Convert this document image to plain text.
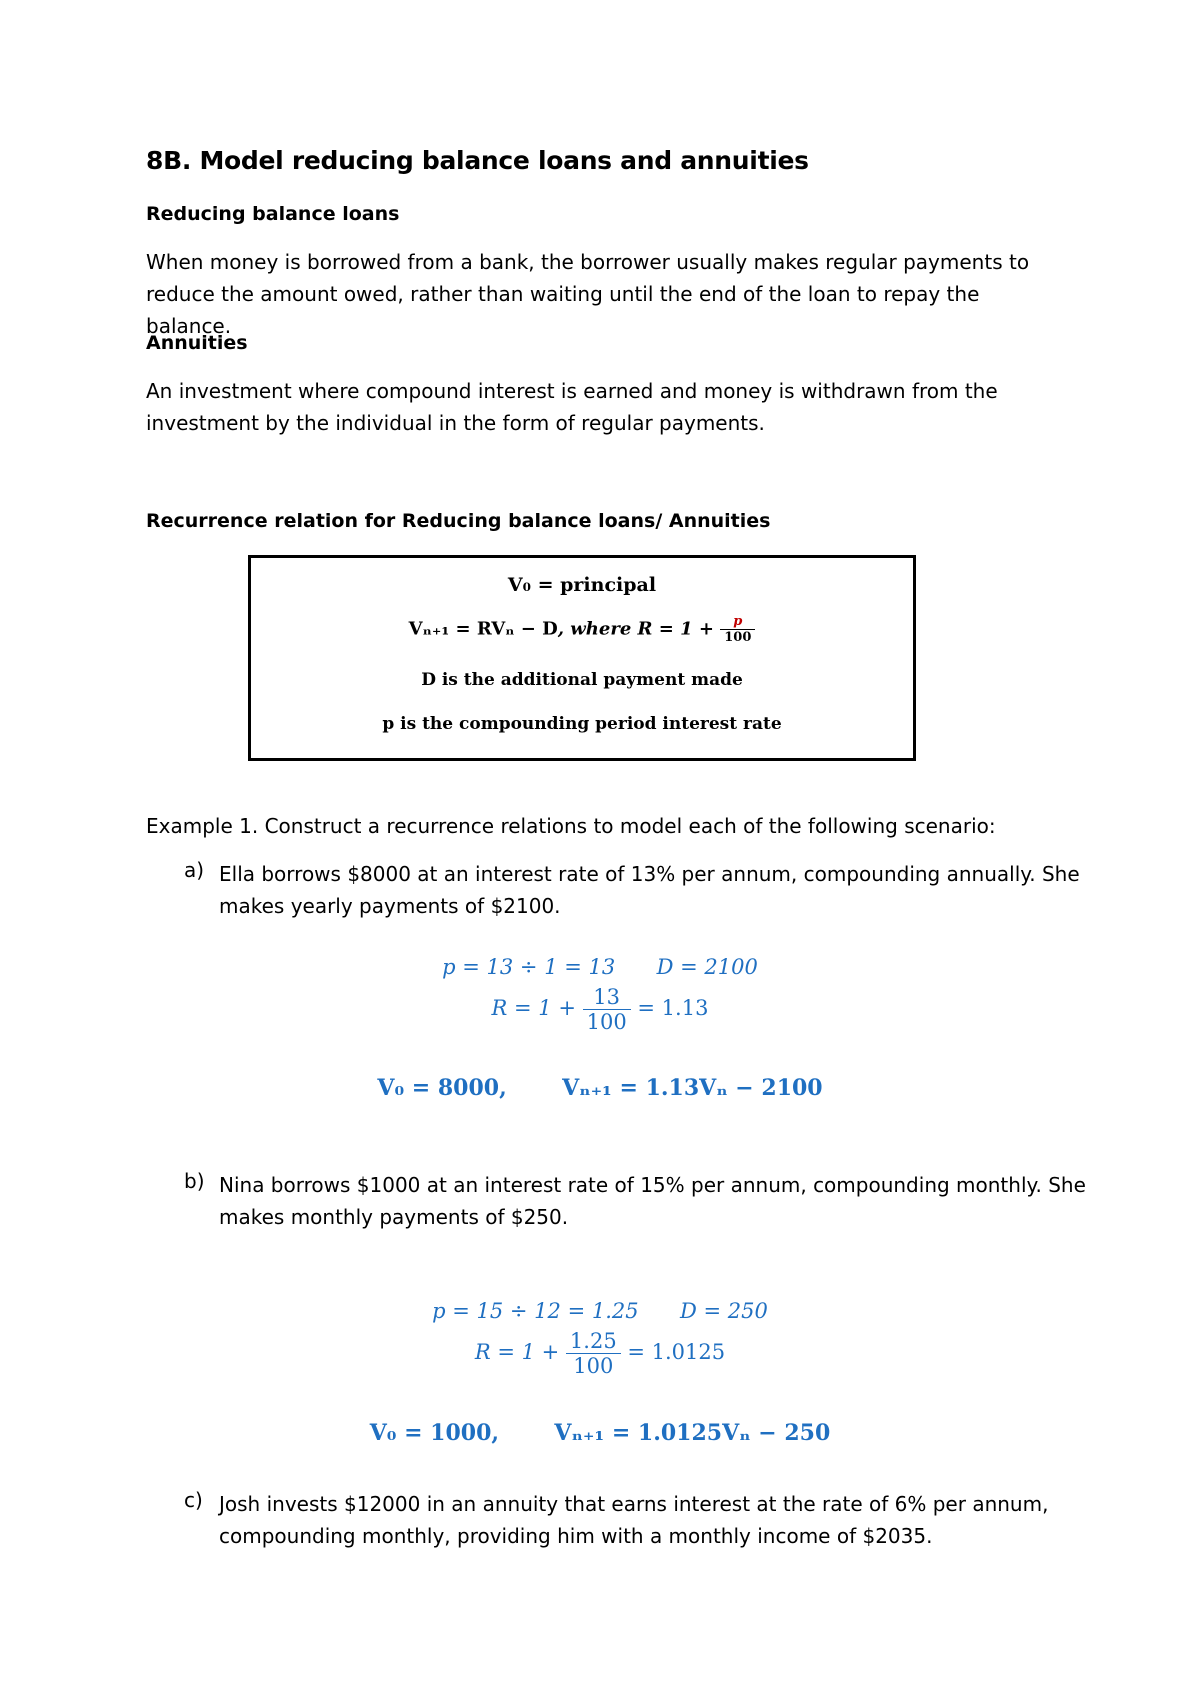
8B. Model reducing balance loans and annuities
Reducing balance loans
When money is borrowed from a bank, the borrower usually makes regular payments to reduce the amount owed, rather than waiting until the end of the loan to repay the balance.
Annuities
An investment where compound interest is earned and money is withdrawn from the investment by the individual in the form of regular payments.
Recurrence relation for Reducing balance loans/ Annuities
V₀ = principal
Vₙ₊₁ = RVₙ − D, where $R = 1 + \frac{p}{100}$
D is the additional payment made
p is the compounding period interest rate
Example 1. Construct a recurrence relations to model each of the following scenario:
a) Ella borrows $8000 at an interest rate of 13% per annum, compounding annually. She makes yearly payments of $2100.
p = 13 ÷ 1 = 13 D = 2100
$R = 1 + \frac{13}{100} = 1.13$
V₀ = 8000,	Vₙ₊₁ = 1.13Vₙ − 2100
b) Nina borrows $1000 at an interest rate of 15% per annum, compounding monthly. She makes monthly payments of $250.
p = 15 ÷ 12 = 1.25 D = 250
$R = 1 + \frac{1.25}{100} = 1.0125$
V₀ = 1000,	Vₙ₊₁ = 1.0125Vₙ − 250
c) Josh invests $12000 in an annuity that earns interest at the rate of 6% per annum, compounding monthly, providing him with a monthly income of $2035.
